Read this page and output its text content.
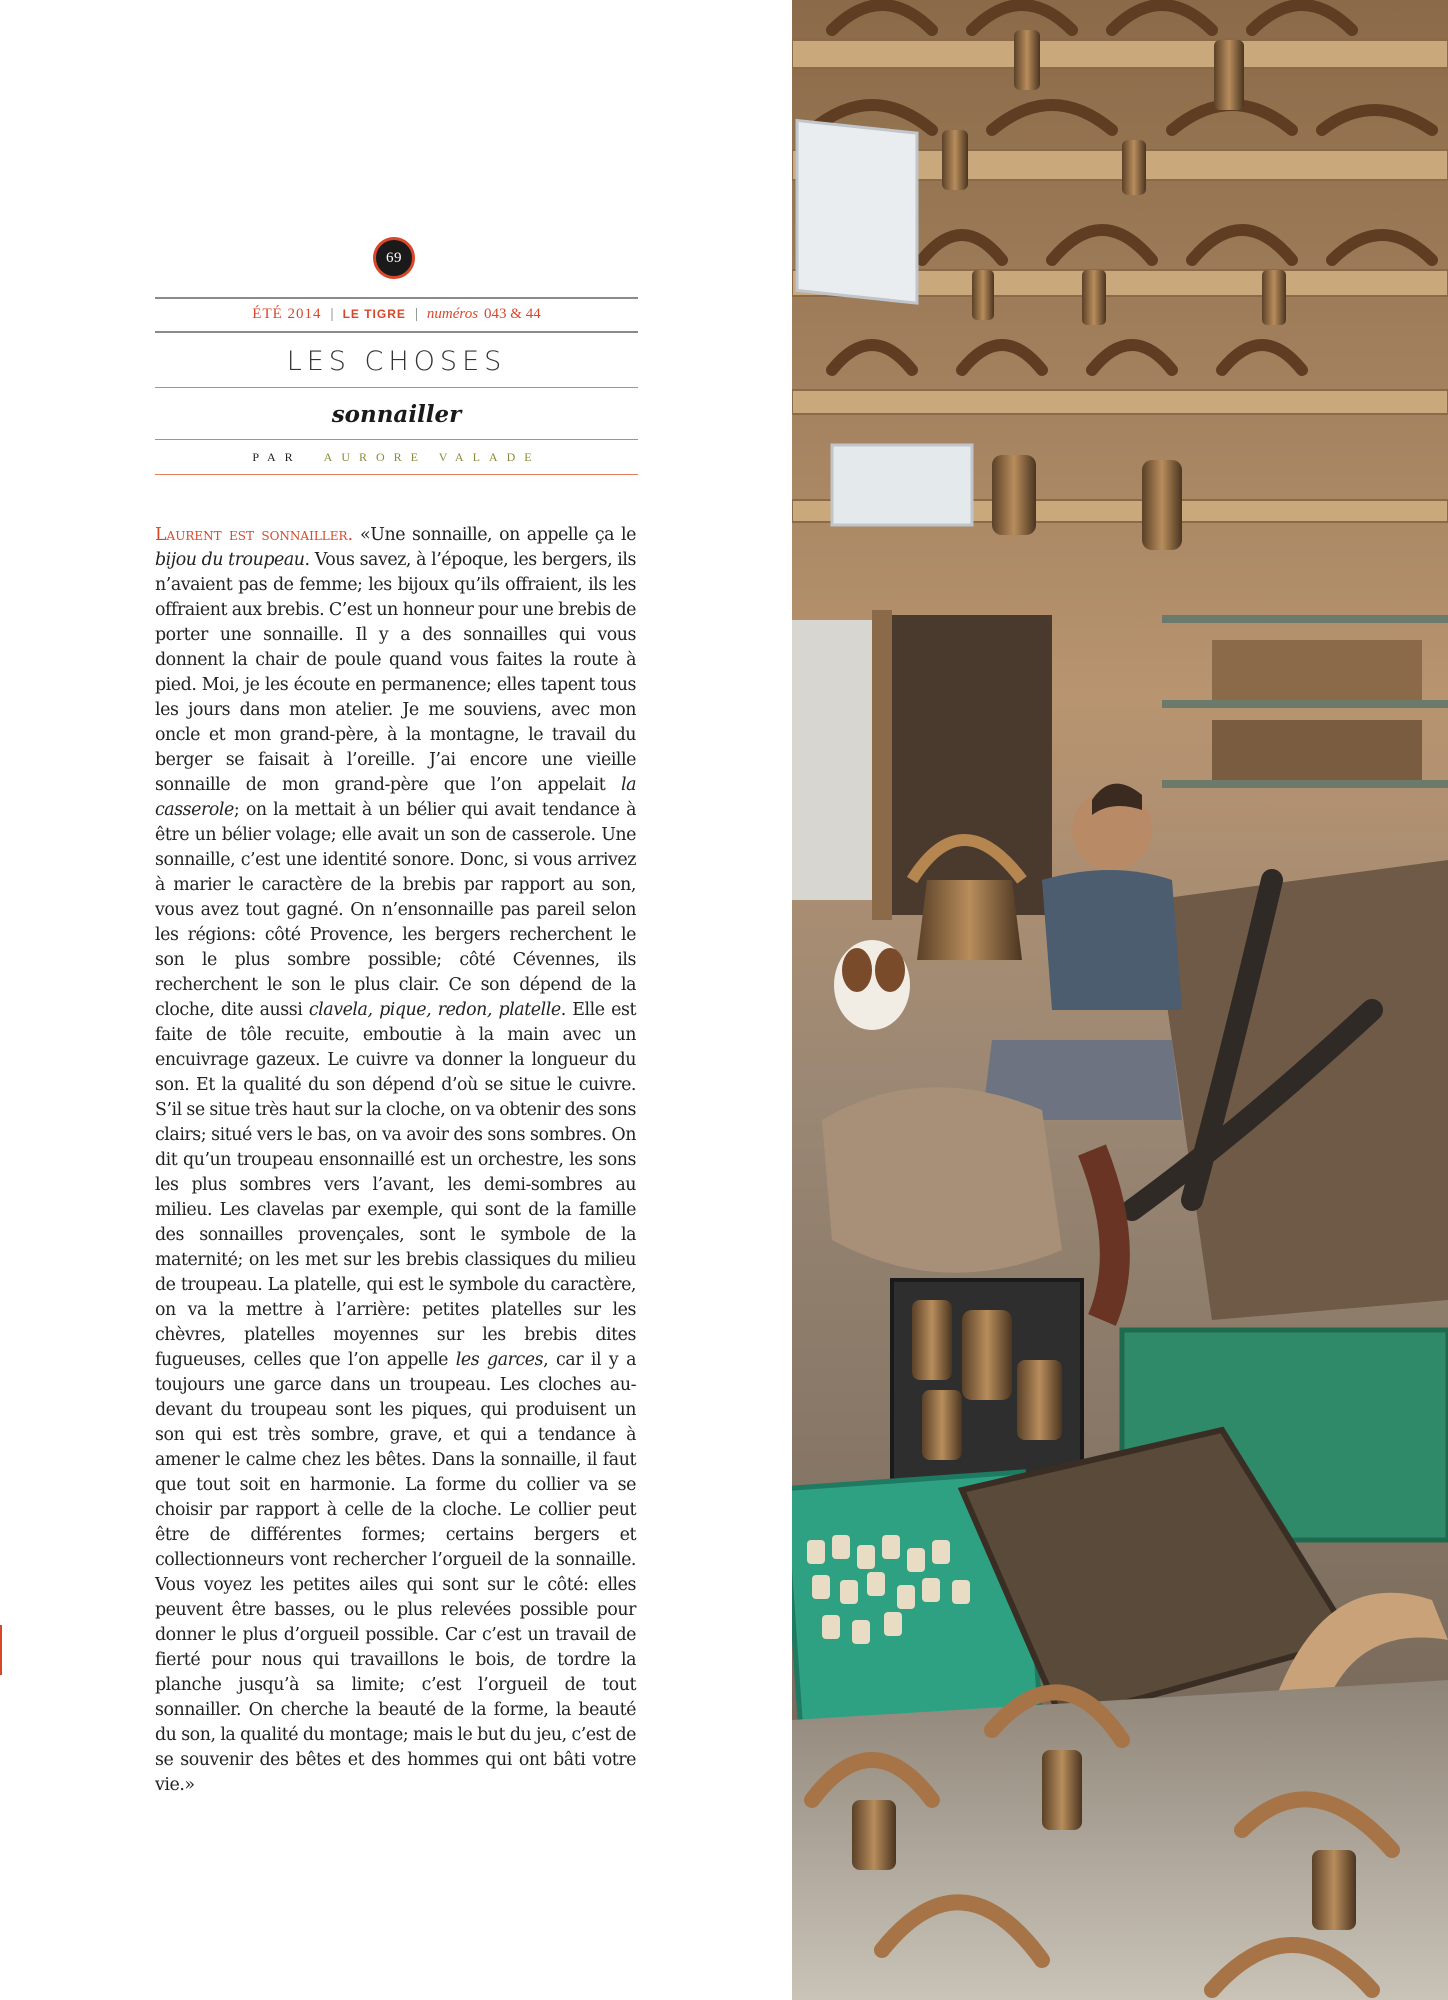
69
ÉTÉ 2014 | LE TIGRE | numéros 043 & 44
LES CHOSES
sonnailler
PAR AURORE VALADE

Laurent est sonnailler. «Une sonnaille, on appelle ça le bijou du troupeau. Vous savez, à l’époque, les bergers, ils n’avaient pas de femme; les bijoux qu’ils offraient, ils les offraient aux brebis. C’est un honneur pour une brebis de porter une sonnaille. Il y a des sonnailles qui vous donnent la chair de poule quand vous faites la route à pied. Moi, je les écoute en permanence; elles tapent tous les jours dans mon atelier. Je me souviens, avec mon oncle et mon grand-père, à la montagne, le travail du berger se faisait à l’oreille. J’ai encore une vieille sonnaille de mon grand-père que l’on appelait la casserole; on la mettait à un bélier qui avait tendance à être un bélier volage; elle avait un son de casserole. Une sonnaille, c’est une identité sonore. Donc, si vous arrivez à marier le caractère de la brebis par rapport au son, vous avez tout gagné. On n’ensonnaille pas pareil selon les régions: côté Provence, les bergers recherchent le son le plus sombre possible; côté Cévennes, ils recherchent le son le plus clair. Ce son dépend de la cloche, dite aussi clavela, pique, redon, platelle. Elle est faite de tôle recuite, emboutie à la main avec un encuivrage gazeux. Le cuivre va donner la longueur du son. Et la qualité du son dépend d’où se situe le cuivre. S’il se situe très haut sur la cloche, on va obtenir des sons clairs; situé vers le bas, on va avoir des sons sombres. On dit qu’un troupeau ensonnaillé est un orchestre, les sons les plus sombres vers l’avant, les demi-sombres au milieu. Les clavelas par exemple, qui sont de la famille des sonnailles provençales, sont le symbole de la maternité; on les met sur les brebis classiques du milieu de troupeau. La platelle, qui est le symbole du caractère, on va la mettre à l’arrière: petites platelles sur les chèvres, platelles moyennes sur les brebis dites fugueuses, celles que l’on appelle les garces, car il y a toujours une garce dans un troupeau. Les cloches au-devant du troupeau sont les piques, qui produisent un son qui est très sombre, grave, et qui a tendance à amener le calme chez les bêtes. Dans la sonnaille, il faut que tout soit en harmonie. La forme du collier va se choisir par rapport à celle de la cloche. Le collier peut être de différentes formes; certains bergers et collectionneurs vont rechercher l’orgueil de la sonnaille. Vous voyez les petites ailes qui sont sur le côté: elles peuvent être basses, ou le plus relevées possible pour donner le plus d’orgueil possible. Car c’est un travail de fierté pour nous qui travaillons le bois, de tordre la planche jusqu’à sa limite; c’est l’orgueil de tout sonnailler. On cherche la beauté de la forme, la beauté du son, la qualité du montage; mais le but du jeu, c’est de se souvenir des bêtes et des hommes qui ont bâti votre vie.»
